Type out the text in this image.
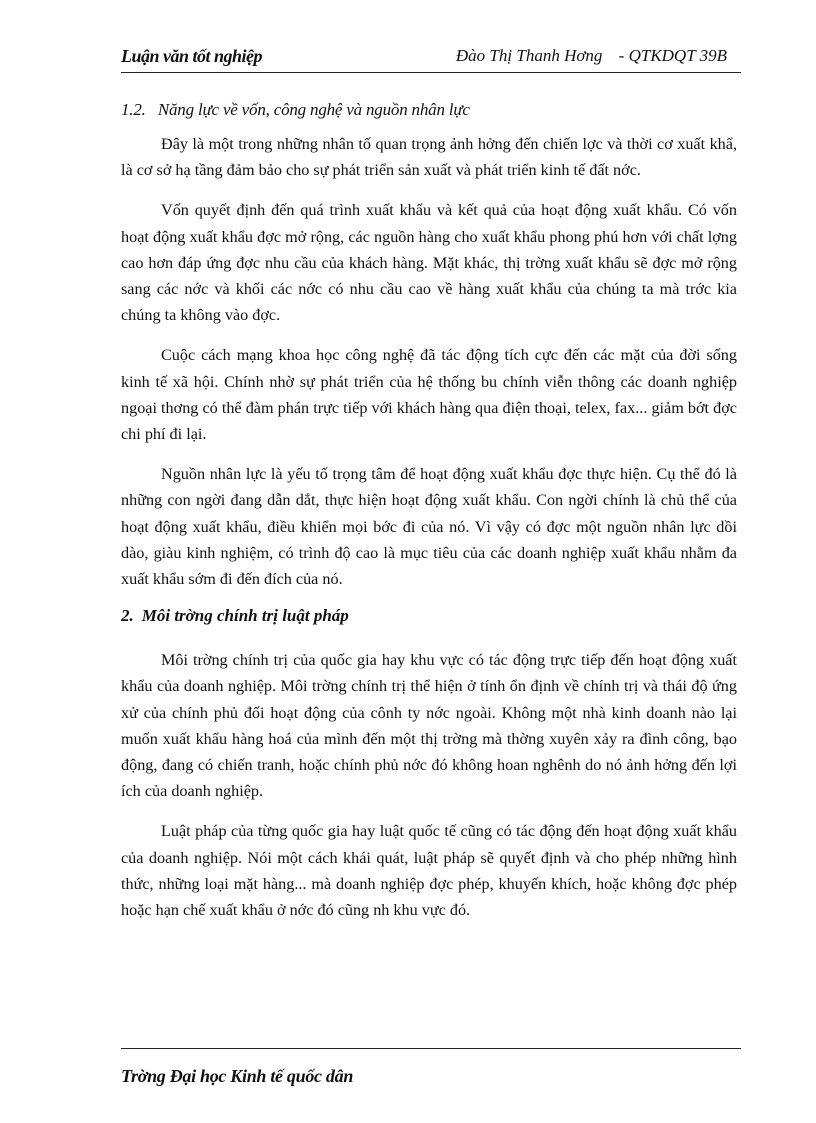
Luận văn tốt nghiệp	Đào Thị Thanh Hơng - QTKDQT 39B
1.2. Năng lực về vốn, công nghệ và nguồn nhân lực

Đây là một trong những nhân tố quan trọng ảnh hởng đến chiến lợc và thời cơ xuất khẩ, là cơ sở hạ tầng đảm bảo cho sự phát triển sản xuất và phát triển kinh tế đất nớc.

Vốn quyết định đến quá trình xuất khẩu và kết quả của hoạt động xuất khẩu. Có vốn hoạt động xuất khẩu đợc mở rộng, các nguồn hàng cho xuất khẩu phong phú hơn với chất lợng cao hơn đáp ứng đợc nhu cầu của khách hàng. Mặt khác, thị trờng xuất khẩu sẽ đợc mở rộng sang các nớc và khối các nớc có nhu cầu cao về hàng xuất khẩu của chúng ta mà trớc kia chúng ta không vào đợc.

Cuộc cách mạng khoa học công nghệ đã tác động tích cực đến các mặt của đời sống kinh tế xã hội. Chính nhờ sự phát triển của hệ thống bu chính viễn thông các doanh nghiệp ngoại thơng có thể đàm phán trực tiếp với khách hàng qua điện thoại, telex, fax... giảm bớt đợc chi phí đi lại.

Nguồn nhân lực là yếu tố trọng tâm để hoạt động xuất khẩu đợc thực hiện. Cụ thể đó là những con ngời đang dẫn dắt, thực hiện hoạt động xuất khẩu. Con ngời chính là chủ thể của hoạt động xuất khẩu, điều khiển mọi bớc đi của nó. Vì vậy có đợc một nguồn nhân lực dồi dào, giàu kinh nghiệm, có trình độ cao là mục tiêu của các doanh nghiệp xuất khẩu nhằm đa xuất khẩu sớm đi đến đích của nó.

2. Môi trờng chính trị luật pháp

Môi trờng chính trị của quốc gia hay khu vực có tác động trực tiếp đến hoạt động xuất khẩu của doanh nghiệp. Môi trờng chính trị thể hiện ở tính ổn định về chính trị và thái độ ứng xử của chính phủ đối hoạt động của cônh ty nớc ngoài. Không một nhà kinh doanh nào lại muốn xuất khẩu hàng hoá của mình đến một thị trờng mà thờng xuyên xảy ra đình công, bạo động, đang có chiến tranh, hoặc chính phủ nớc đó không hoan nghênh do nó ảnh hởng đến lợi ích của doanh nghiệp.

Luật pháp của từng quốc gia hay luật quốc tế cũng có tác động đến hoạt động xuất khẩu của doanh nghiệp. Nói một cách khái quát, luật pháp sẽ quyết định và cho phép những hình thức, những loại mặt hàng... mà doanh nghiệp đợc phép, khuyến khích, hoặc không đợc phép hoặc hạn chế xuất khẩu ở nớc đó cũng nh khu vực đó.

Trờng Đại học Kinh tế quốc dân
